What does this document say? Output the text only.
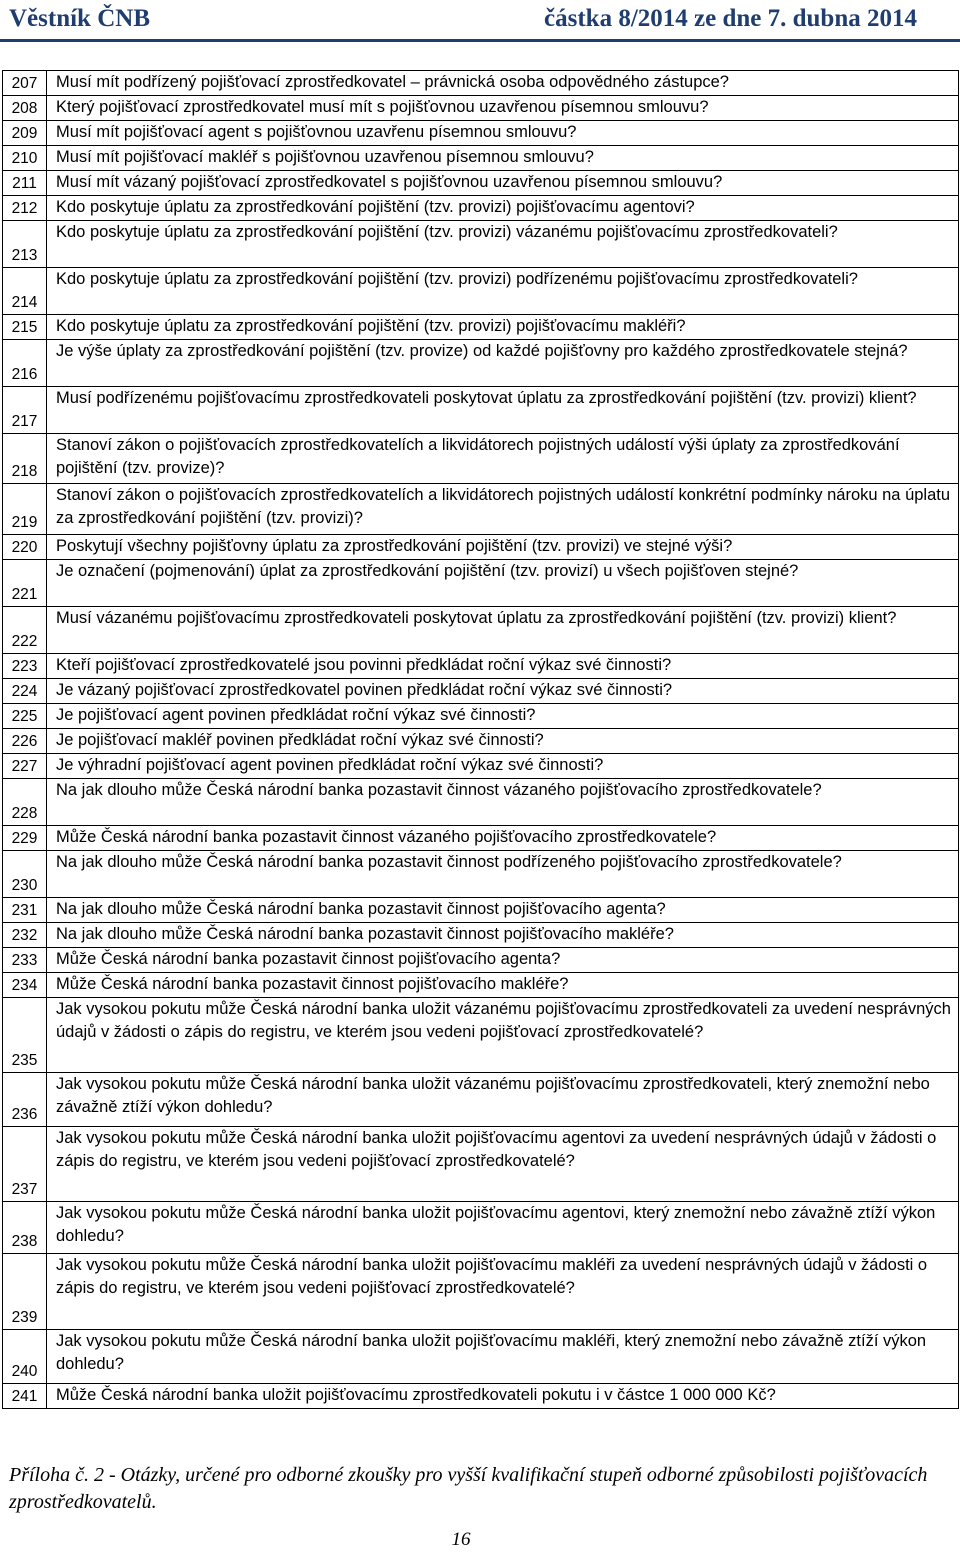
Věstník ČNB	částka 8/2014 ze dne 7. dubna 2014
207	Musí mít podřízený pojišťovací zprostředkovatel – právnická osoba odpovědného zástupce?
208	Který pojišťovací zprostředkovatel musí mít s pojišťovnou uzavřenou písemnou smlouvu?
209	Musí mít pojišťovací agent s pojišťovnou uzavřenu písemnou smlouvu?
210	Musí mít pojišťovací makléř s pojišťovnou uzavřenou písemnou smlouvu?
211	Musí mít vázaný pojišťovací zprostředkovatel s pojišťovnou uzavřenou písemnou smlouvu?
212	Kdo poskytuje úplatu za zprostředkování pojištění (tzv. provizi) pojišťovacímu agentovi?
213	Kdo poskytuje úplatu za zprostředkování pojištění (tzv. provizi) vázanému pojišťovacímu zprostředkovateli?
214	Kdo poskytuje úplatu za zprostředkování pojištění (tzv. provizi) podřízenému pojišťovacímu zprostředkovateli?
215	Kdo poskytuje úplatu za zprostředkování pojištění (tzv. provizi) pojišťovacímu makléři?
216	Je výše úplaty za zprostředkování pojištění (tzv. provize) od každé pojišťovny pro každého zprostředkovatele stejná?
217	Musí podřízenému pojišťovacímu zprostředkovateli poskytovat úplatu za zprostředkování pojištění (tzv. provizi) klient?
218	Stanoví zákon o pojišťovacích zprostředkovatelích a likvidátorech pojistných událostí výši úplaty za zprostředkování pojištění (tzv. provize)?
219	Stanoví zákon o pojišťovacích zprostředkovatelích a likvidátorech pojistných událostí konkrétní podmínky nároku na úplatu za zprostředkování pojištění (tzv. provizi)?
220	Poskytují všechny pojišťovny úplatu za zprostředkování pojištění (tzv. provizi) ve stejné výši?
221	Je označení (pojmenování) úplat za zprostředkování pojištění (tzv. provizí) u všech pojišťoven stejné?
222	Musí vázanému pojišťovacímu zprostředkovateli poskytovat úplatu za zprostředkování pojištění (tzv. provizi) klient?
223	Kteří pojišťovací zprostředkovatelé jsou povinni předkládat roční výkaz své činnosti?
224	Je vázaný pojišťovací zprostředkovatel povinen předkládat roční výkaz své činnosti?
225	Je pojišťovací agent povinen předkládat roční výkaz své činnosti?
226	Je pojišťovací makléř povinen předkládat roční výkaz své činnosti?
227	Je výhradní pojišťovací agent povinen předkládat roční výkaz své činnosti?
228	Na jak dlouho může Česká národní banka pozastavit činnost vázaného pojišťovacího zprostředkovatele?
229	Může Česká národní banka pozastavit činnost vázaného pojišťovacího zprostředkovatele?
230	Na jak dlouho může Česká národní banka pozastavit činnost podřízeného pojišťovacího zprostředkovatele?
231	Na jak dlouho může Česká národní banka pozastavit činnost pojišťovacího agenta?
232	Na jak dlouho může Česká národní banka pozastavit činnost pojišťovacího makléře?
233	Může Česká národní banka pozastavit činnost pojišťovacího agenta?
234	Může Česká národní banka pozastavit činnost pojišťovacího makléře?
235	Jak vysokou pokutu může Česká národní banka uložit vázanému pojišťovacímu zprostředkovateli za uvedení nesprávných údajů v žádosti o zápis do registru, ve kterém jsou vedeni pojišťovací zprostředkovatelé?
236	Jak vysokou pokutu může Česká národní banka uložit vázanému pojišťovacímu zprostředkovateli, který znemožní nebo závažně ztíží výkon dohledu?
237	Jak vysokou pokutu může Česká národní banka uložit pojišťovacímu agentovi za uvedení nesprávných údajů v žádosti o zápis do registru, ve kterém jsou vedeni pojišťovací zprostředkovatelé?
238	Jak vysokou pokutu může Česká národní banka uložit pojišťovacímu agentovi, který znemožní nebo závažně ztíží výkon dohledu?
239	Jak vysokou pokutu může Česká národní banka uložit pojišťovacímu makléři za uvedení nesprávných údajů v žádosti o zápis do registru, ve kterém jsou vedeni pojišťovací zprostředkovatelé?
240	Jak vysokou pokutu může Česká národní banka uložit pojišťovacímu makléři, který znemožní nebo závažně ztíží výkon dohledu?
241	Může Česká národní banka uložit pojišťovacímu zprostředkovateli pokutu i v částce 1 000 000 Kč?
Příloha č. 2 - Otázky, určené pro odborné zkoušky pro vyšší kvalifikační stupeň odborné způsobilosti pojišťovacích zprostředkovatelů.
16
